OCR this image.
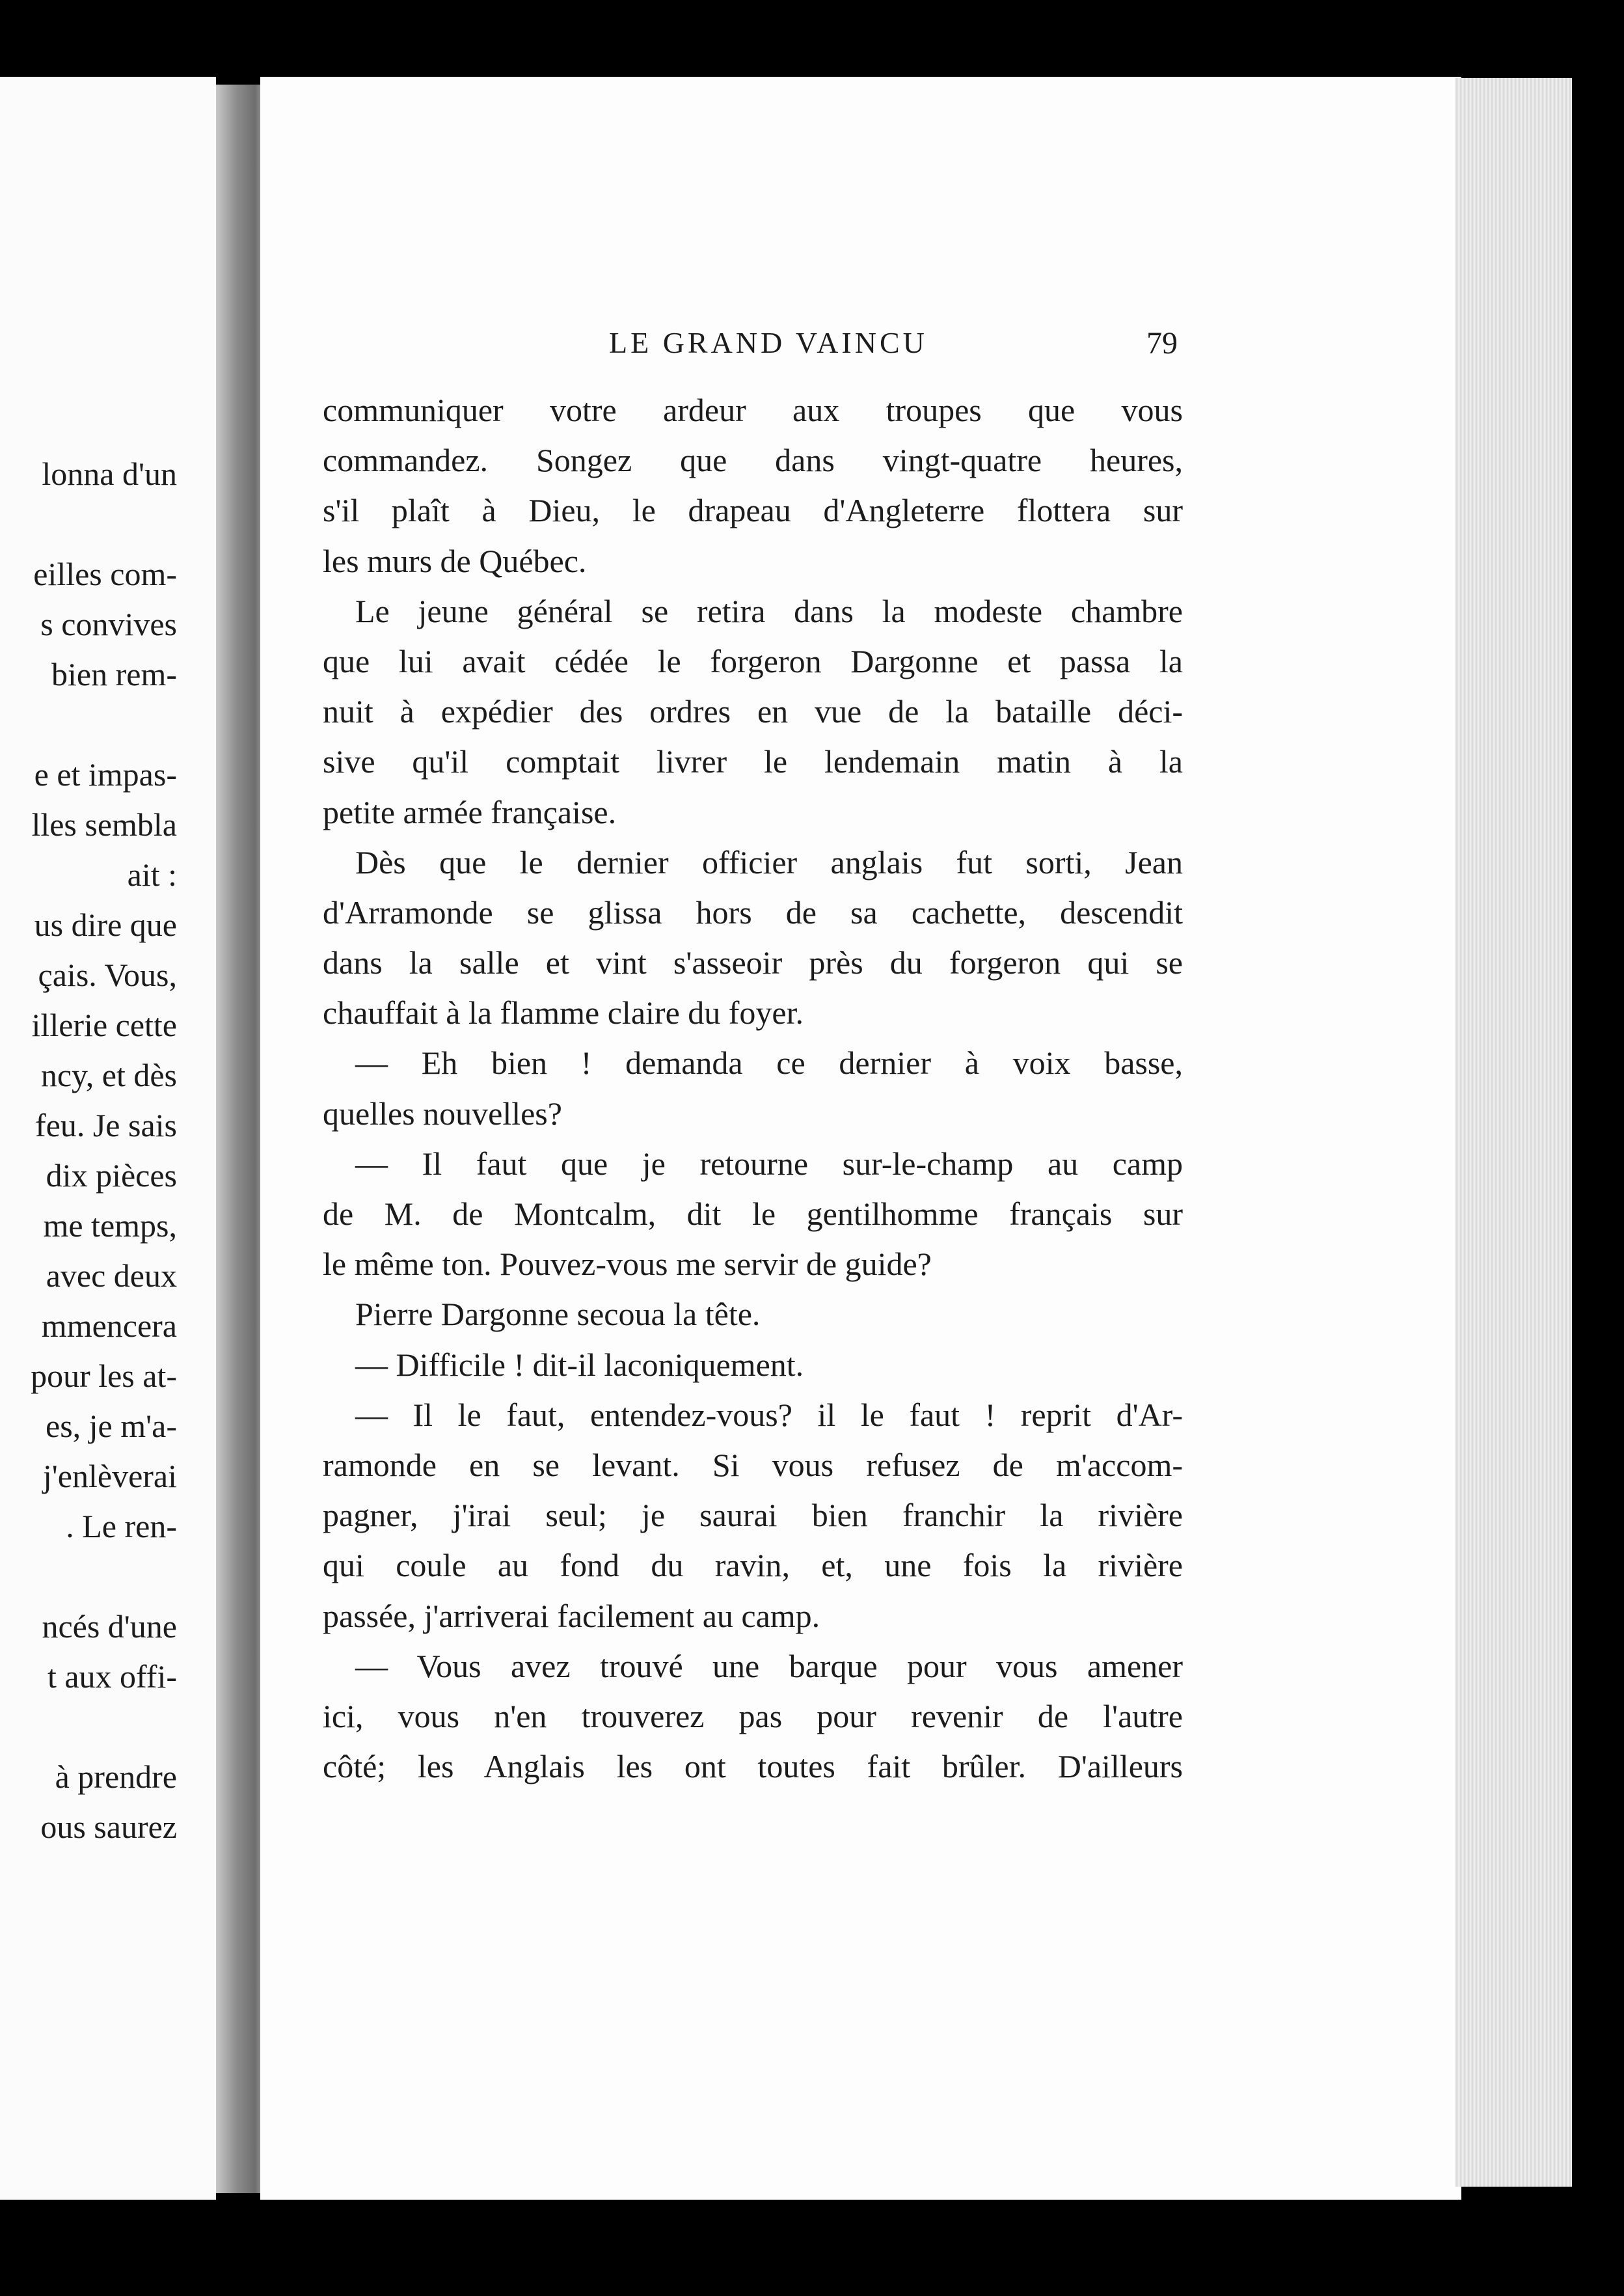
lonna d'un
eilles com-
s convives
bien rem-
e et impas-
lles sembla
ait :
us dire que
çais. Vous,
illerie cette
ncy, et dès
feu. Je sais
dix pièces
me temps,
avec deux
mmencera
pour les at-
es, je m'a-
j'enlèverai
. Le ren-
ncés d'une
t aux offi-
à prendre
ous saurez
LE GRAND VAINCU	79
communiquer votre ardeur aux troupes que vous
commandez. Songez que dans vingt-quatre heures,
s'il plaît à Dieu, le drapeau d'Angleterre flottera sur
les murs de Québec.
Le jeune général se retira dans la modeste chambre
que lui avait cédée le forgeron Dargonne et passa la
nuit à expédier des ordres en vue de la bataille déci-
sive qu'il comptait livrer le lendemain matin à la
petite armée française.
Dès que le dernier officier anglais fut sorti, Jean
d'Arramonde se glissa hors de sa cachette, descendit
dans la salle et vint s'asseoir près du forgeron qui se
chauffait à la flamme claire du foyer.
— Eh bien ! demanda ce dernier à voix basse,
quelles nouvelles?
— Il faut que je retourne sur-le-champ au camp
de M. de Montcalm, dit le gentilhomme français sur
le même ton. Pouvez-vous me servir de guide?
Pierre Dargonne secoua la tête.
— Difficile ! dit-il laconiquement.
— Il le faut, entendez-vous? il le faut ! reprit d'Ar-
ramonde en se levant. Si vous refusez de m'accom-
pagner, j'irai seul; je saurai bien franchir la rivière
qui coule au fond du ravin, et, une fois la rivière
passée, j'arriverai facilement au camp.
— Vous avez trouvé une barque pour vous amener
ici, vous n'en trouverez pas pour revenir de l'autre
côté; les Anglais les ont toutes fait brûler. D'ailleurs
